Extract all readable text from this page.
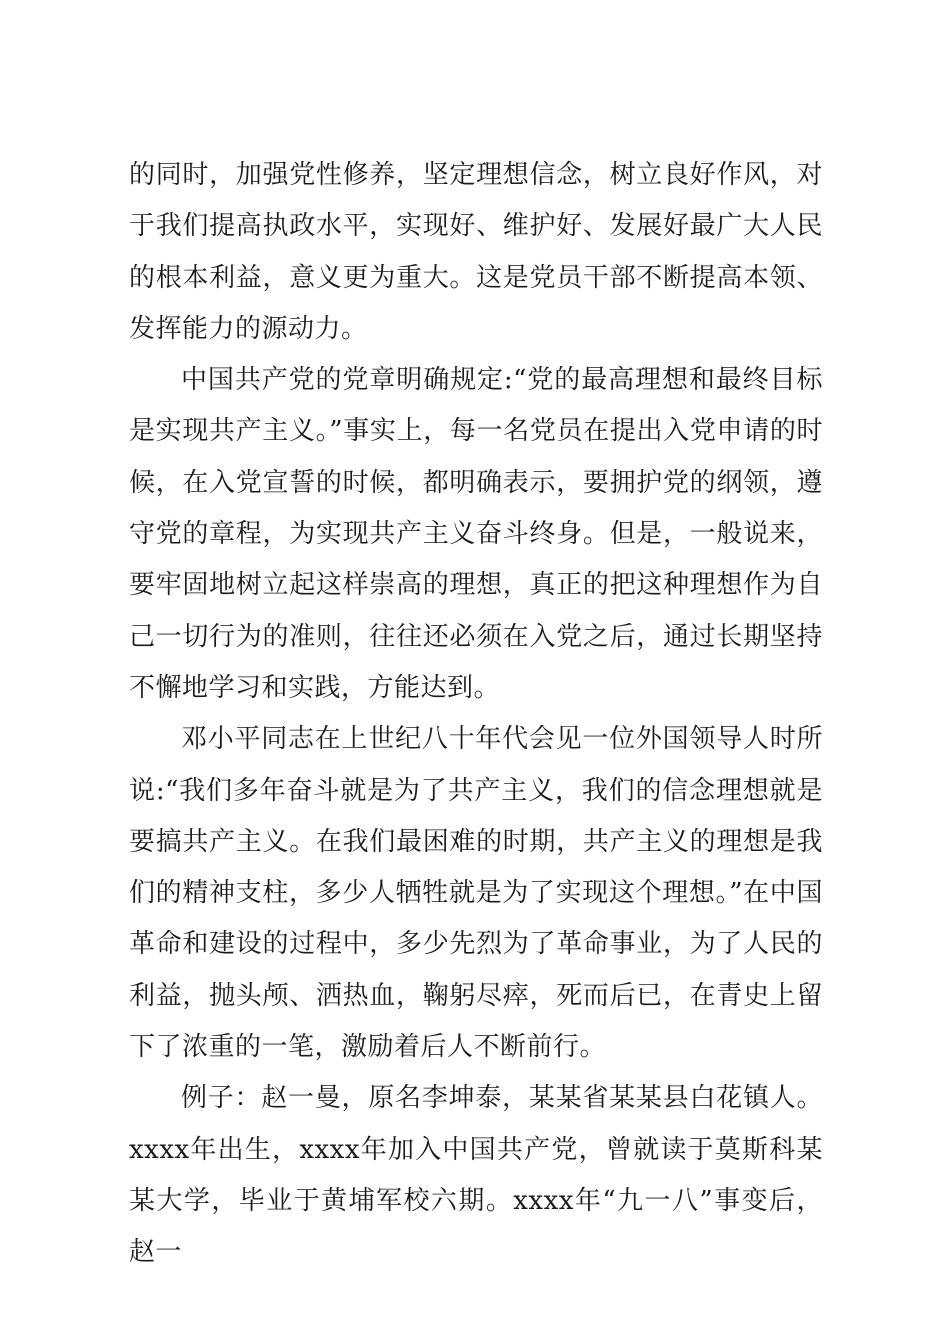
的同时，加强党性修养，坚定理想信念，树立良好作风，对于我们提高执政水平，实现好、维护好、发展好最广大人民的根本利益，意义更为重大。这是党员干部不断提高本领、发挥能力的源动力。

中国共产党的党章明确规定:“党的最高理想和最终目标是实现共产主义。”事实上，每一名党员在提出入党申请的时候，在入党宣誓的时候，都明确表示，要拥护党的纲领，遵守党的章程，为实现共产主义奋斗终身。但是，一般说来，要牢固地树立起这样崇高的理想，真正的把这种理想作为自己一切行为的准则，往往还必须在入党之后，通过长期坚持不懈地学习和实践，方能达到。

邓小平同志在上世纪八十年代会见一位外国领导人时所说:“我们多年奋斗就是为了共产主义，我们的信念理想就是要搞共产主义。在我们最困难的时期，共产主义的理想是我们的精神支柱，多少人牺牲就是为了实现这个理想。”在中国革命和建设的过程中，多少先烈为了革命事业，为了人民的利益，抛头颅、洒热血，鞠躬尽瘁，死而后已，在青史上留下了浓重的一笔，激励着后人不断前行。

例子：赵一曼，原名李坤泰，某某省某某县白花镇人。xxxx年出生，xxxx年加入中国共产党，曾就读于莫斯科某某大学，毕业于黄埔军校六期。xxxx年“九一八”事变后，赵一
